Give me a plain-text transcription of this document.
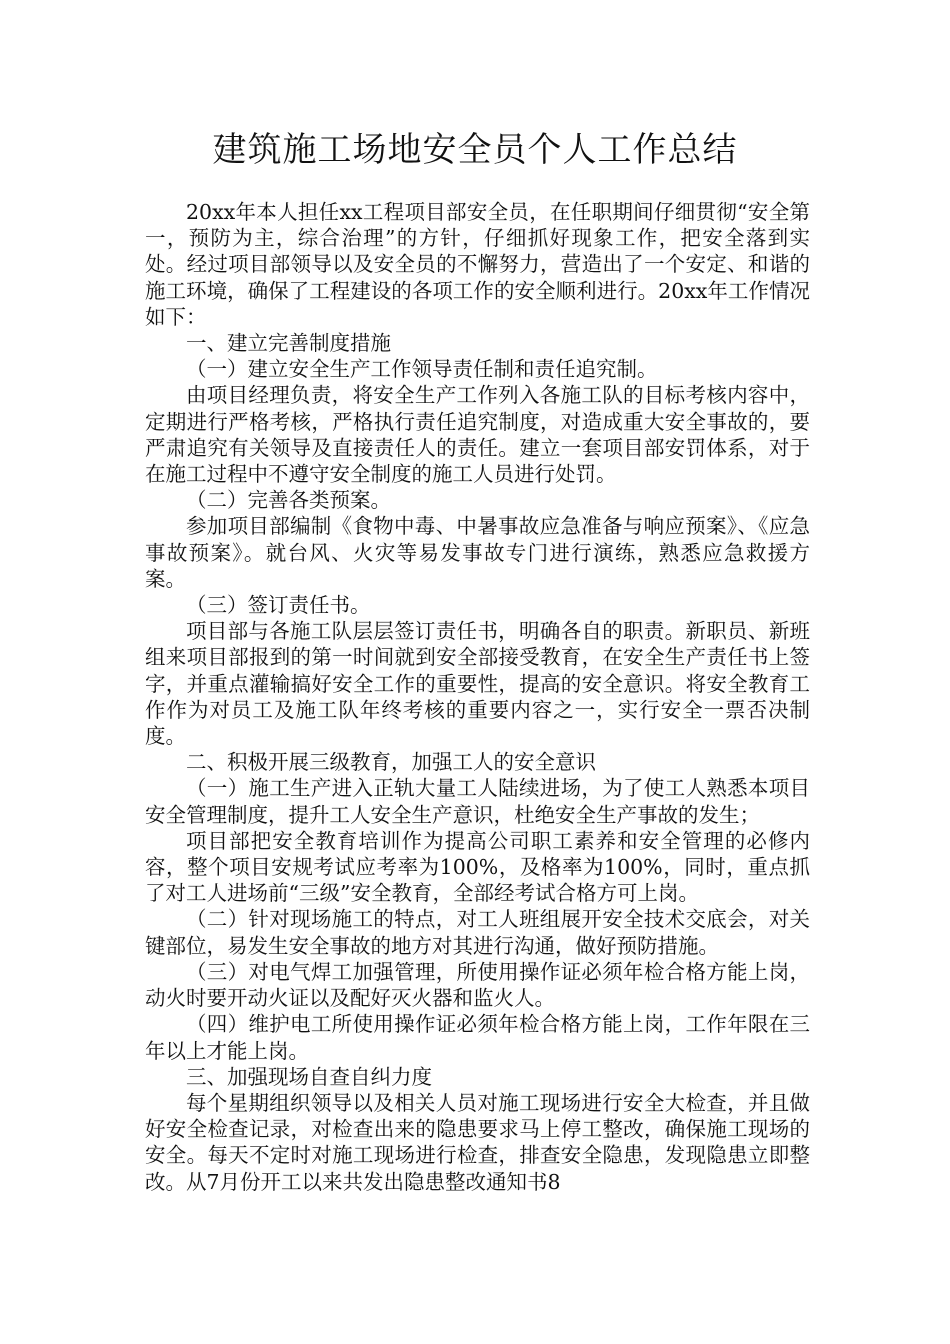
建筑施工场地安全员个人工作总结

20xx年本人担任xx工程项目部安全员，在任职期间仔细贯彻“安全第一，预防为主，综合治理”的方针，仔细抓好现象工作，把安全落到实处。经过项目部领导以及安全员的不懈努力，营造出了一个安定、和谐的施工环境，确保了工程建设的各项工作的安全顺利进行。20xx年工作情况如下：

一、建立完善制度措施

（一）建立安全生产工作领导责任制和责任追究制。

由项目经理负责，将安全生产工作列入各施工队的目标考核内容中，定期进行严格考核，严格执行责任追究制度，对造成重大安全事故的，要严肃追究有关领导及直接责任人的责任。建立一套项目部安罚体系，对于在施工过程中不遵守安全制度的施工人员进行处罚。

（二）完善各类预案。

参加项目部编制《食物中毒、中暑事故应急准备与响应预案》、《应急事故预案》。就台风、火灾等易发事故专门进行演练，熟悉应急救援方案。

（三）签订责任书。

项目部与各施工队层层签订责任书，明确各自的职责。新职员、新班组来项目部报到的第一时间就到安全部接受教育，在安全生产责任书上签字，并重点灌输搞好安全工作的重要性，提高的安全意识。将安全教育工作作为对员工及施工队年终考核的重要内容之一，实行安全一票否决制度。

二、积极开展三级教育，加强工人的安全意识

（一）施工生产进入正轨大量工人陆续进场，为了使工人熟悉本项目安全管理制度，提升工人安全生产意识，杜绝安全生产事故的发生；

项目部把安全教育培训作为提高公司职工素养和安全管理的必修内容，整个项目安规考试应考率为100%，及格率为100%，同时，重点抓了对工人进场前“三级”安全教育，全部经考试合格方可上岗。

（二）针对现场施工的特点，对工人班组展开安全技术交底会，对关键部位，易发生安全事故的地方对其进行沟通，做好预防措施。

（三）对电气焊工加强管理，所使用操作证必须年检合格方能上岗，动火时要开动火证以及配好灭火器和监火人。

（四）维护电工所使用操作证必须年检合格方能上岗，工作年限在三年以上才能上岗。

三、加强现场自查自纠力度

每个星期组织领导以及相关人员对施工现场进行安全大检查，并且做好安全检查记录，对检查出来的隐患要求马上停工整改，确保施工现场的安全。每天不定时对施工现场进行检查，排查安全隐患，发现隐患立即整改。从7月份开工以来共发出隐患整改通知书8
